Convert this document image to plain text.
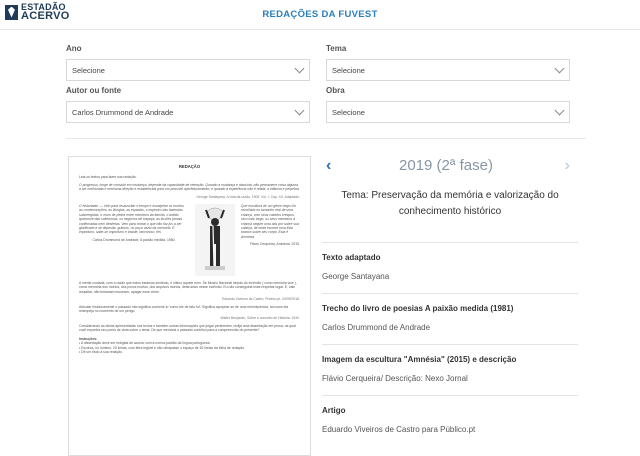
ESTADÃO
ACERVO	REDAÇÕES DA FUVEST
Ano
Selecione
Tema
Selecione
Autor ou fonte
Carlos Drummond de Andrade
Obra
Selecione
REDAÇÃO

Leia os textos para fazer sua redação.

O progresso, longe de consistir em mudança, depende da capacidade de retenção. Quando a mudança é absoluta, não permanece coisa alguma a ser melhorada e nenhuma direção é estabelecida para um possível aperfeiçoamento; e quando a experiência não é retida, a infância é perpétua.

George Santayana, A vida da razão, 1905. Vol. I, Cap. XII. Adaptado.

O historiador — Veio para ressuscitar o tempo e escalpelar os mortos, as condecorações, as liturgias, as espadas, o espectro das fazendas submergidas, o muro de pedra entre membros da família, o ardido queixume das solteironas, os negócios de trapaça, as ilusões jamais confirmadas nem desfeitas. Veio para contar o que não faz jus a ser glorificado e se deposita, grânulo, no poço vazio da memória. É importuno, sabe-se importuno e insiste, rancoroso, fiel.
Carlos Drummond de Andrade, A paixão medida, 1980.
Que escultura de um gênio negro foi escolhida no tamanho real de uma criança, com seus cabelos crespos, seu rosto largo, os seus membros à criança sequer uma das por sobre sua cabeça, de onde escorre uma lista branca sobre seu corpo. Esta é Amnésia.
Flávio Cerqueira, Amnésia, 2015.

A mente contada, com a razão que todos estamos sentindo, é último aquele ruim. Se Museu Nacional depois do incêndio ( como memória vive ), como memória dos mortos, dos povos mortos, dos arquivos mortos, destruídos nesse incêndio. Eu não conseguiria mais respeitar lugar. E, vale ressaltar, não tentariam esconder, apagar esse crime.

Eduardo Viveiros de Castro, Público.pt, 04/09/2018.

Articular historicamente o passado não significa conhecê-lo 'como ele de fato foi'. Significa apropriar-se de uma reminiscência, tal como ela relampeja no momento de um perigo.

Walter Benjamin, Sobre o conceito de História, 1940.

Considerando as ideias apresentadas nos textos e também outras informações que julgar pertinentes, redija uma dissertação em prosa, na qual você exponha seu ponto de vista sobre o tema: De que memória o passado contribui para a compreensão do presente?

Instruções:
• A dissertação deve ser redigida de acordo com a norma-padrão da língua portuguesa.
• Escreva, no mínimo, 20 linhas, com letra legível e não ultrapasse o espaço de 30 linhas da folha de redação.
• Dê um título à sua redação.
‹	2019 (2ª fase)	›
Tema: Preservação da memória e valorização do conhecimento histórico
Texto adaptado
George Santayana
Trecho do livro de poesias A paixão medida (1981)
Carlos Drummond de Andrade
Imagem da escultura "Amnésia" (2015) e descrição
Flávio Cerqueira/ Descrição: Nexo Jornal
Artigo
Eduardo Viveiros de Castro para Público.pt
